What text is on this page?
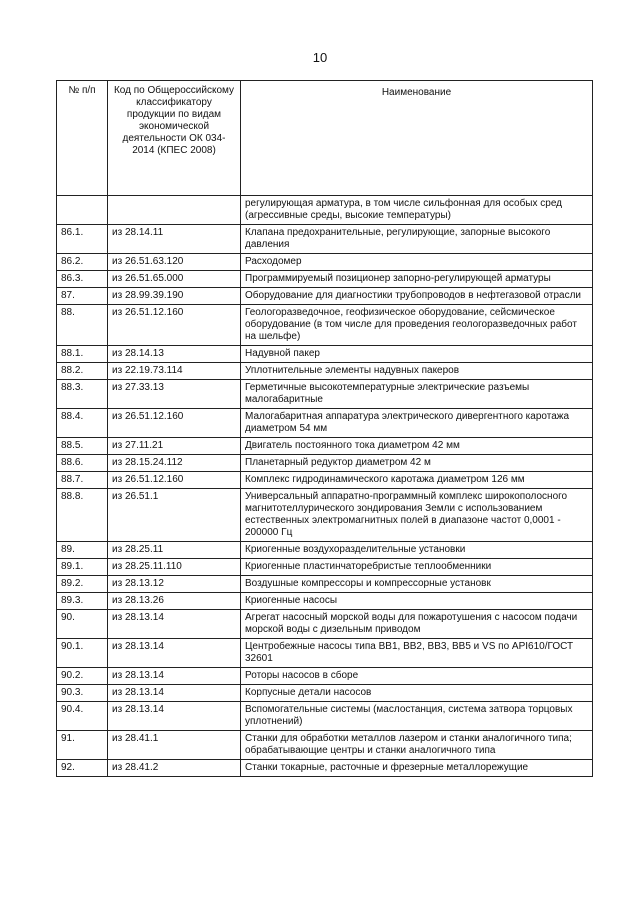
10
№ п/п	Код по Общероссийскому классификатору продукции по видам экономической деятельности ОК 034-2014 (КПЕС 2008)	Наименование
		регулирующая арматура, в том числе сильфонная для особых сред (агрессивные среды, высокие температуры)
86.1.	из 28.14.11	Клапана предохранительные, регулирующие, запорные высокого давления
86.2.	из 26.51.63.120	Расходомер
86.3.	из 26.51.65.000	Программируемый позиционер запорно-регулирующей арматуры
87.	из 28.99.39.190	Оборудование для диагностики трубопроводов в нефтегазовой отрасли
88.	из 26.51.12.160	Геологоразведочное, геофизическое оборудование, сейсмическое оборудование (в том числе для проведения геологоразведочных работ на шельфе)
88.1.	из 28.14.13	Надувной пакер
88.2.	из 22.19.73.114	Уплотнительные элементы надувных пакеров
88.3.	из 27.33.13	Герметичные высокотемпературные электрические разъемы малогабаритные
88.4.	из 26.51.12.160	Малогабаритная аппаратура электрического дивергентного каротажа диаметром 54 мм
88.5.	из 27.11.21	Двигатель постоянного тока диаметром 42 мм
88.6.	из 28.15.24.112	Планетарный редуктор диаметром 42 м
88.7.	из 26.51.12.160	Комплекс гидродинамического каротажа диаметром 126 мм
88.8.	из 26.51.1	Универсальный аппаратно-программный комплекс широкополосного магнитотеллурического зондирования Земли с использованием естественных электромагнитных полей в диапазоне частот 0,0001 - 200000 Гц
89.	из 28.25.11	Криогенные воздухоразделительные установки
89.1.	из 28.25.11.110	Криогенные пластинчаторебристые теплообменники
89.2.	из 28.13.12	Воздушные компрессоры и компрессорные установк
89.3.	из 28.13.26	Криогенные насосы
90.	из 28.13.14	Агрегат насосный морской воды для пожаротушения с насосом подачи морской воды с дизельным приводом
90.1.	из 28.13.14	Центробежные насосы типа ВВ1, ВВ2, ВВ3, ВВ5 и VS по API610/ГОСТ 32601
90.2.	из 28.13.14	Роторы насосов в сборе
90.3.	из 28.13.14	Корпусные детали насосов
90.4.	из 28.13.14	Вспомогательные системы (маслостанция, система затвора торцовых уплотнений)
91.	из 28.41.1	Станки для обработки металлов лазером и станки аналогичного типа; обрабатывающие центры и станки аналогичного типа
92.	из 28.41.2	Станки токарные, расточные и фрезерные металлорежущие
